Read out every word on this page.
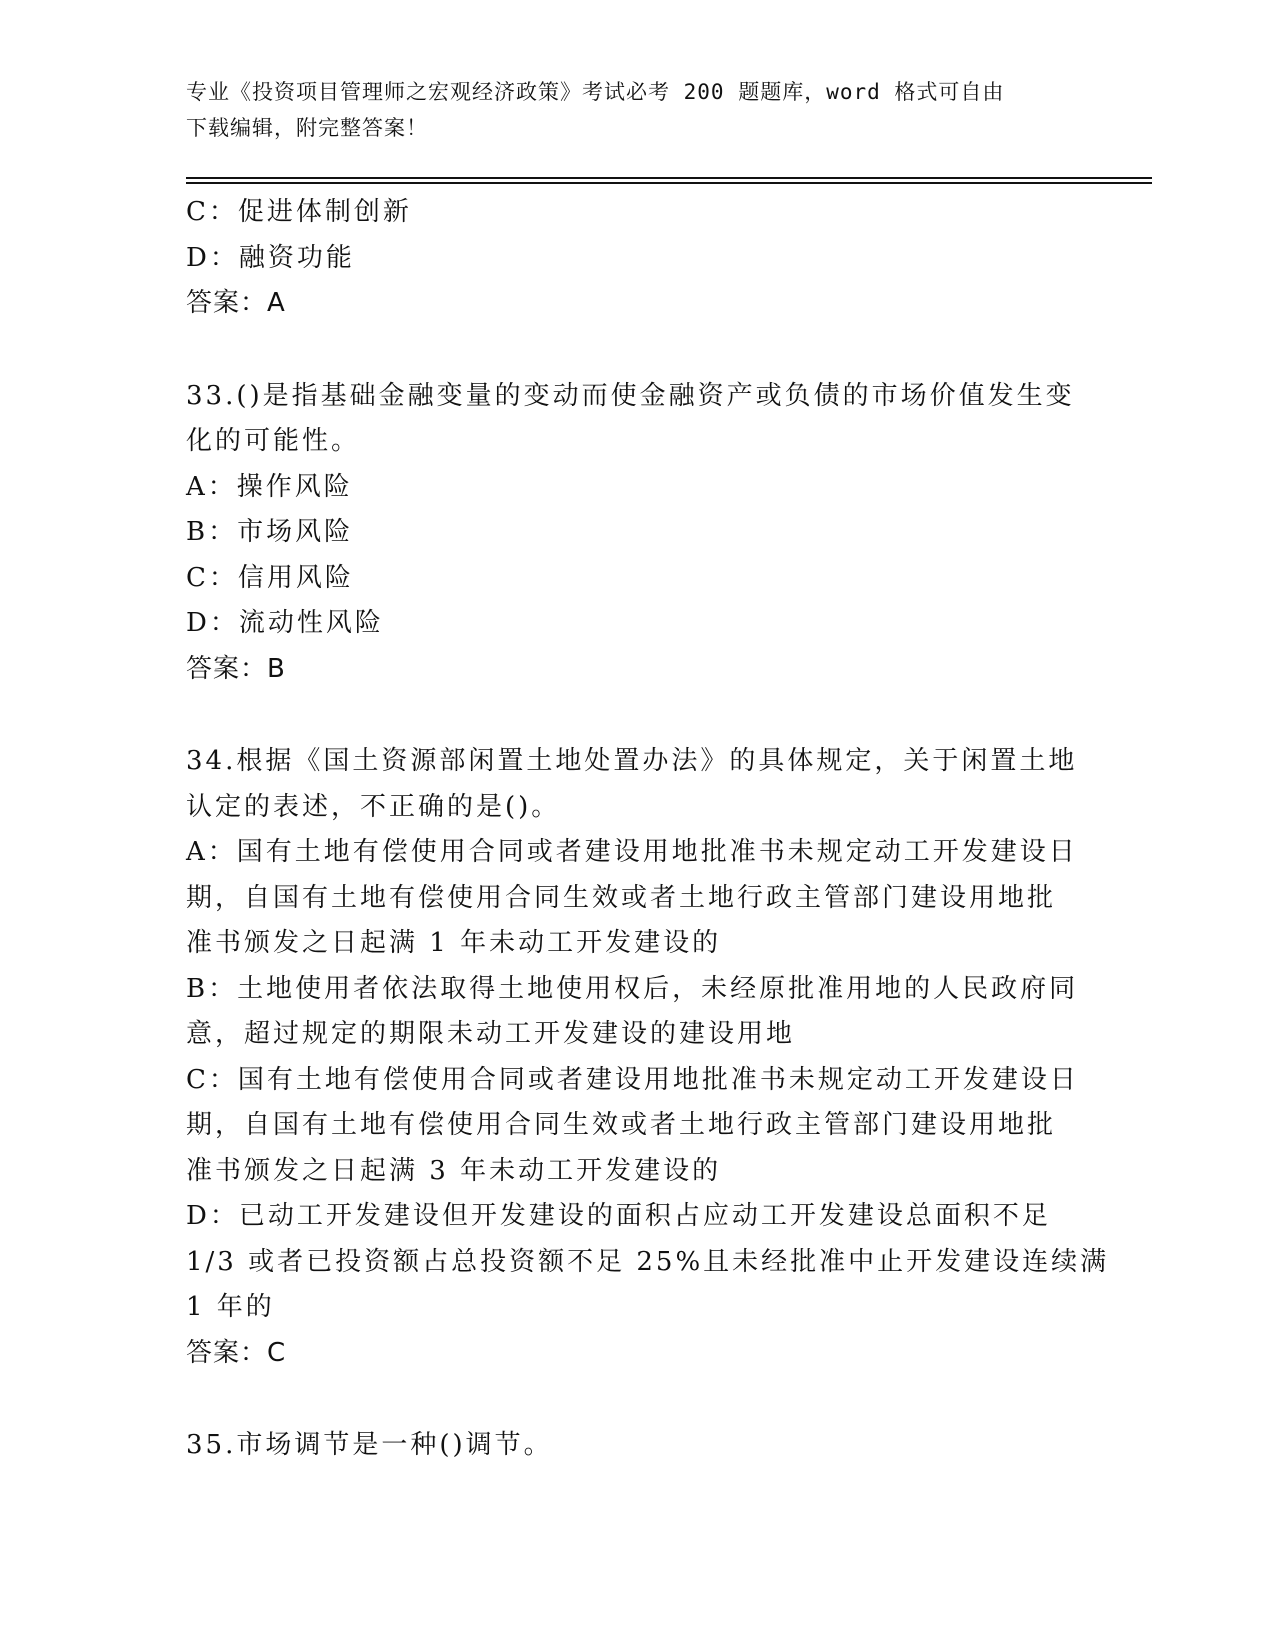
专业《投资项目管理师之宏观经济政策》考试必考 200 题题库，word 格式可自由
下载编辑，附完整答案！
C：促进体制创新
D：融资功能
答案：A
33.()是指基础金融变量的变动而使金融资产或负债的市场价值发生变
化的可能性。
A：操作风险
B：市场风险
C：信用风险
D：流动性风险
答案：B
34.根据《国土资源部闲置土地处置办法》的具体规定，关于闲置土地
认定的表述，不正确的是()。
A：国有土地有偿使用合同或者建设用地批准书未规定动工开发建设日
期，自国有土地有偿使用合同生效或者土地行政主管部门建设用地批
准书颁发之日起满 1 年未动工开发建设的
B：土地使用者依法取得土地使用权后，未经原批准用地的人民政府同
意，超过规定的期限未动工开发建设的建设用地
C：国有土地有偿使用合同或者建设用地批准书未规定动工开发建设日
期，自国有土地有偿使用合同生效或者土地行政主管部门建设用地批
准书颁发之日起满 3 年未动工开发建设的
D：已动工开发建设但开发建设的面积占应动工开发建设总面积不足
1/3 或者已投资额占总投资额不足 25%且未经批准中止开发建设连续满
1 年的
答案：C
35.市场调节是一种()调节。
